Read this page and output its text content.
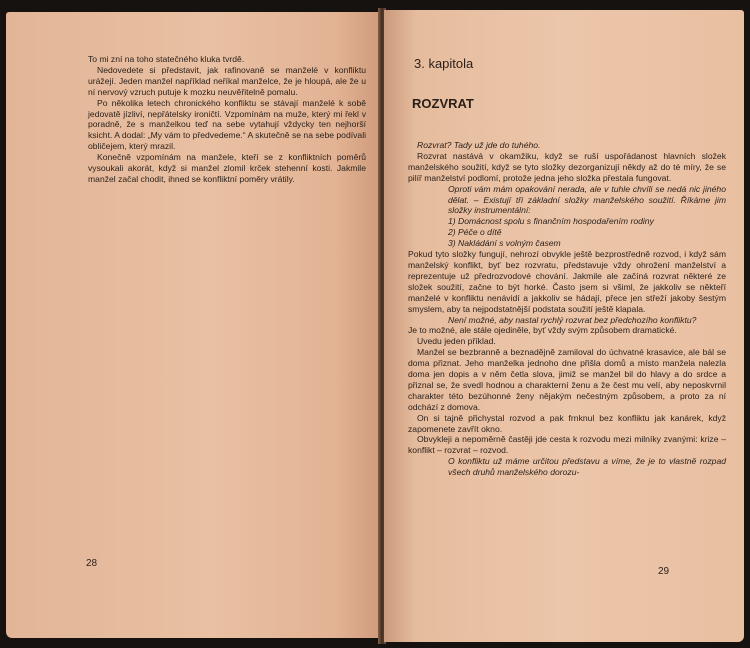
To mi zní na toho statečného kluka tvrdě.

Nedovedete si představit, jak rafinovaně se manželé v konfliktu urážejí. Jeden manžel například neříkal manželce, že je hloupá, ale že u ní nervový vzruch putuje k mozku neuvěřitelně pomalu.

Po několika letech chronického konfliktu se stávají manželé k sobě jedovatě jízliví, nepřátelsky ironičtí. Vzpomínám na muže, který mi řekl v poradně, že s manželkou teď na sebe vytahují vždycky ten nejhorší ksicht. A dodal: „My vám to předvedeme.“ A skutečně se na sebe podívali obličejem, který mrazil.

Konečně vzpomínám na manžele, kteří se z konfliktních poměrů vysoukali akorát, když si manžel zlomil krček stehenní kosti. Jakmile manžel začal chodit, ihned se konfliktní poměry vrátily.

28
3. kapitola
ROZVRAT

Rozvrat? Tady už jde do tuhého.

Rozvrat nastává v okamžiku, když se ruší uspořádanost hlavních složek manželského soužití, když se tyto složky dezorganizují někdy až do té míry, že se pilíř manželství podlomí, protože jedna jeho složka přestala fungovat.

Oproti vám mám opakování nerada, ale v tuhle chvíli se nedá nic jiného dělat. – Existují tři základní složky manželského soužití. Říkáme jim složky instrumentální:

1) Domácnost spolu s finančním hospodařením rodiny

2) Péče o dítě

3) Nakládání s volným časem

Pokud tyto složky fungují, nehrozí obvykle ještě bezprostředně rozvod, i když sám manželský konflikt, byť bez rozvratu, představuje vždy ohrožení manželství a reprezentuje už předrozvodové chování. Jakmile ale začíná rozvrat některé ze složek soužití, začne to být horké. Často jsem si všiml, že jakkoliv se někteří manželé v konfliktu nenávidí a jakkoliv se hádají, přece jen střeží jakoby šestým smyslem, aby ta nejpodstatnější podstata soužití ještě klapala.

Není možné, aby nastal rychlý rozvrat bez předchozího konfliktu?

Je to možné, ale stále ojediněle, byť vždy svým způsobem dramatické.

Uvedu jeden příklad.

Manžel se bezbranně a beznadějně zamiloval do úchvatné krasavice, ale bál se doma přiznat. Jeho manželka jednoho dne přišla domů a místo manžela nalezla doma jen dopis a v něm četla slova, jimiž se manžel bil do hlavy a do srdce a přiznal se, že svedl hodnou a charakterní ženu a že čest mu velí, aby neposkvrnil charakter této bezúhonné ženy nějakým nečestným způsobem, a proto za ní odchází z domova.

On si tajně přichystal rozvod a pak frnknul bez konfliktu jak kanárek, když zapomenete zavřít okno.

Obvykleji a nepoměrně častěji jde cesta k rozvodu mezi milníky zvanými: krize – konflikt – rozvrat – rozvod.

O konfliktu už máme určitou představu a víme, že je to vlastně rozpad všech druhů manželského dorozu-

29
